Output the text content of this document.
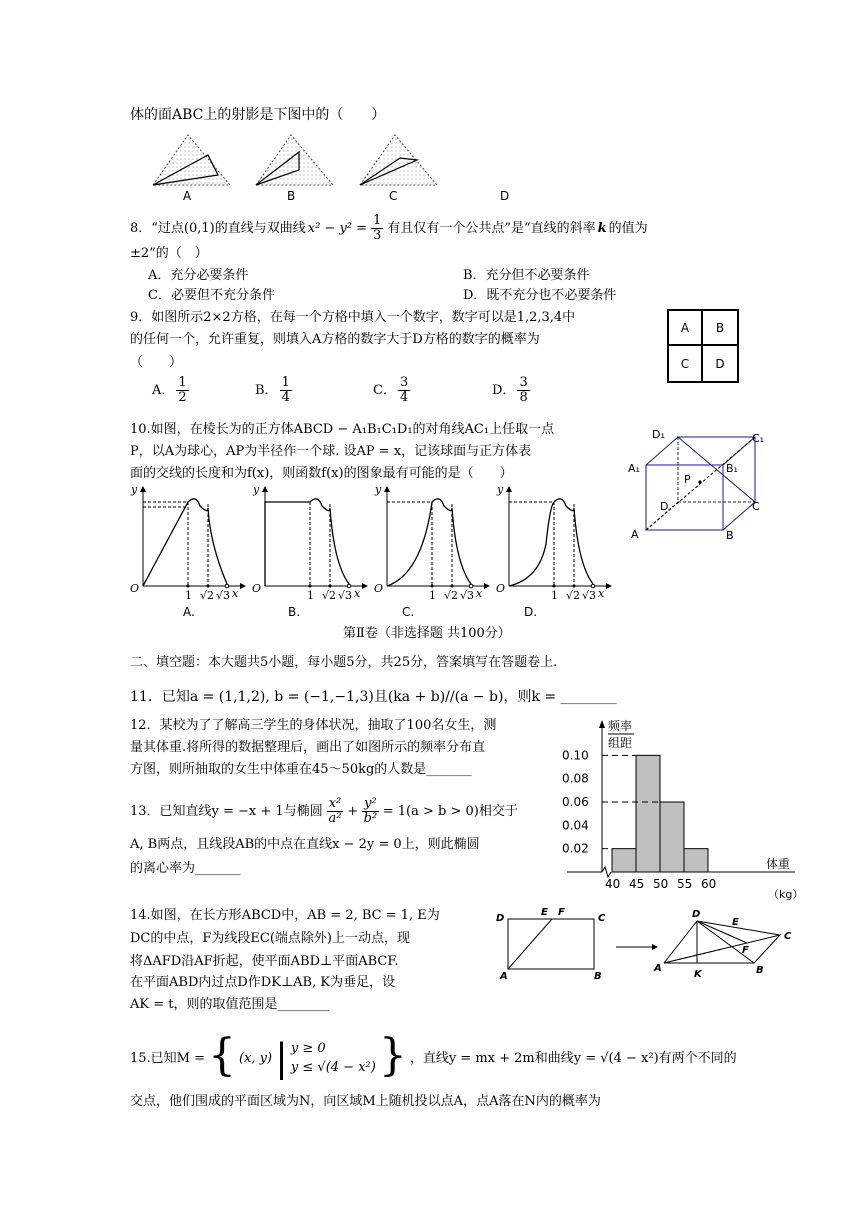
体的面ABC上的射影是下图中的（　　）
A	B	C	D
8．“过点(0,1)的直线与双曲线 $x^2 - y^2 = \frac{1}{3}$ 有且仅有一个公共点”是“直线的斜率 k 的值为
±2”的（　）
A．充分必要条件	B．充分但不必要条件
C．必要但不充分条件	D．既不充分也不必要条件
9．如图所示2×2方格，在每一个方格中填入一个数字，数字可以是1,2,3,4中
的任何一个，允许重复，则填入A方格的数字大于D方格的数字的概率为
（　　）
A	B
C	D
A． $\frac{1}{2}$	B． $\frac{1}{4}$	C． $\frac{3}{4}$	D． $\frac{3}{8}$
10.如图，在棱长为的正方体ABCD − A₁B₁C₁D₁的对角线AC₁上任取一点
P，以A为球心，AP为半径作一个球. 设AP = x，记该球面与正方体表
面的交线的长度和为f(x)，则函数f(x)的图象最有可能的是（　　）
D₁	C₁
A₁	B₁
P
D	C
A	B
y
O
1 √2 √3 x
y
O
1 √2 √3 x
y
O
1 √2 √3 x
y
O
1 √2 √3 x
A.	B.	C.	D.
第Ⅱ卷（非选择题 共100分）
二、填空题：本大题共5小题，每小题5分，共25分，答案填写在答题卷上.
11．已知a = (1,1,2), b = (−1,−1,3)且(ka + b)//(a − b)，则k = ________
12．某校为了了解高三学生的身体状况，抽取了100名女生，测
量其体重.将所得的数据整理后，画出了如图所示的频率分布直
方图，则所抽取的女生中体重在45～50kg的人数是_______
频率
组距
体重
（kg）
0.10
0.08
0.06
0.04
0.02
40 45 50 55 60
13．已知直线y = −x + 1与椭圆 $\frac{\text{x²}}{\text{a²}} + \frac{\text{y²}}{\text{b²}} = 1(a > b > 0)$相交于
A, B两点，且线段AB的中点在直线x − 2y = 0上，则此椭圆
的离心率为_______
14.如图，在长方形ABCD中，AB = 2, BC = 1, E为
DC的中点，F为线段EC(端点除外)上一动点，现
将ΔAFD沿AF折起，使平面ABD⊥平面ABCF.
在平面ABD内过点D作DK⊥AB, K为垂足，设
AK = t，则的取值范围是________
D
E F
C
A	B
D
E
C
F
A
K	B
15.已知M = { (x, y) | y ≥ 0
y ≤ √(4 − x²) } ，直线y = mx + 2m和曲线y = √(4 − x²)有两个不同的
交点，他们围成的平面区域为N，向区域M上随机投以点A，点A落在N内的概率为
